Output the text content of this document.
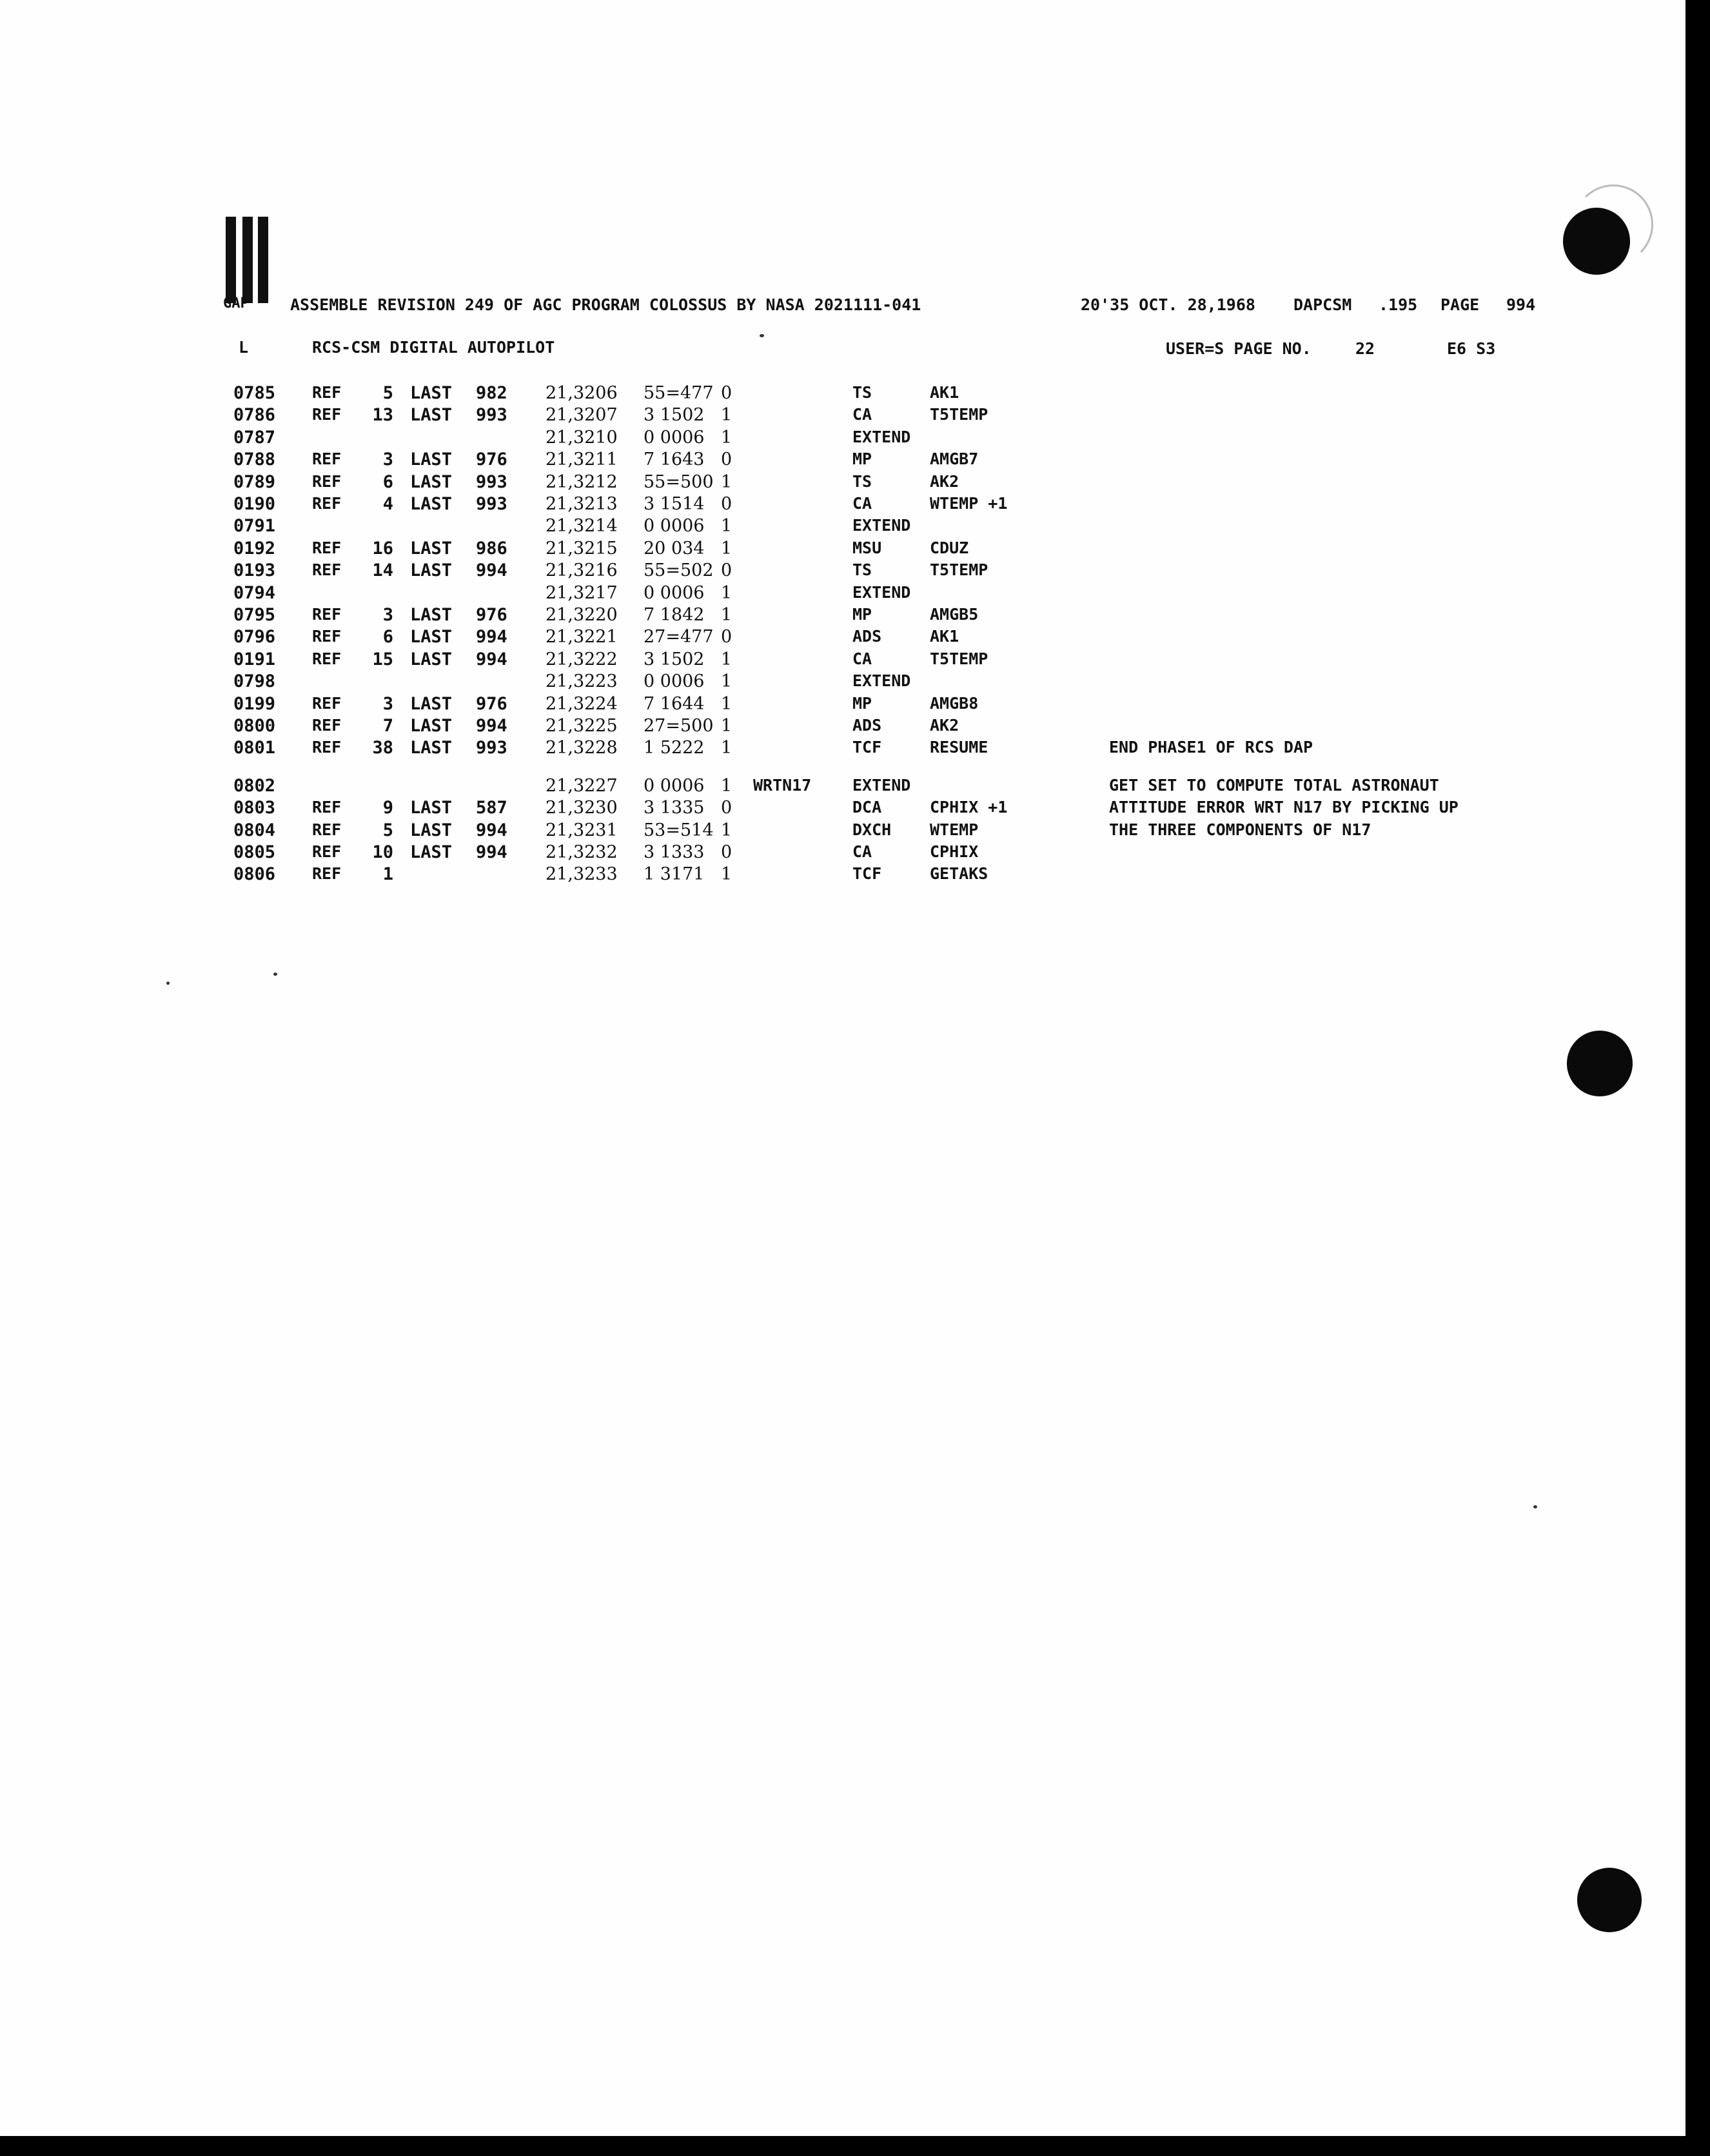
GAP	ASSEMBLE REVISION 249 OF AGC PROGRAM COLOSSUS BY NASA 2021111-041	20'35 OCT. 28,1968 DAPCSM .195 PAGE 994
L	RCS-CSM DIGITAL AUTOPILOT	USER=S PAGE NO.	22	E6 S3
0785 REF	5 LAST 982 21,3206 55=477 0	TS	AK1
0786 REF	13 LAST 993 21,3207 3 1502 1	CA	T5TEMP
0787	21,3210 0 0006 1	EXTEND
0788 REF	3 LAST 976 21,3211 7 1643 0	MP	AMGB7
0789 REF	6 LAST 993 21,3212 55=500 1	TS	AK2
0190 REF	4 LAST 993 21,3213 3 1514 0	CA	WTEMP +1
0791	21,3214 0 0006 1	EXTEND
0192 REF	16 LAST 986 21,3215 20 034 1	MSU	CDUZ
0193 REF	14 LAST 994 21,3216 55=502 0	TS	T5TEMP
0794	21,3217 0 0006 1	EXTEND
0795 REF	3 LAST 976 21,3220 7 1842 1	MP	AMGB5
0796 REF	6 LAST 994 21,3221 27=477 0	ADS	AK1
0191 REF	15 LAST 994 21,3222 3 1502 1	CA	T5TEMP
0798	21,3223 0 0006 1	EXTEND
0199 REF	3 LAST 976 21,3224 7 1644 1	MP	AMGB8
0800 REF	7 LAST 994 21,3225 27=500 1	ADS	AK2
0801 REF	38 LAST 993 21,3228 1 5222 1	TCF	RESUME	END PHASE1 OF RCS DAP
0802	21,3227 0 0006 1 WRTN17	EXTEND	GET SET TO COMPUTE TOTAL ASTRONAUT
0803 REF	9 LAST 587 21,3230 3 1335 0	DCA	CPHIX +1	ATTITUDE ERROR WRT N17 BY PICKING UP
0804 REF	5 LAST 994 21,3231 53=514 1	DXCH WTEMP	THE THREE COMPONENTS OF N17
0805 REF	10 LAST 994 21,3232 3 1333 0	CA	CPHIX
0806 REF	1	21,3233 1 3171 1	TCF	GETAKS
